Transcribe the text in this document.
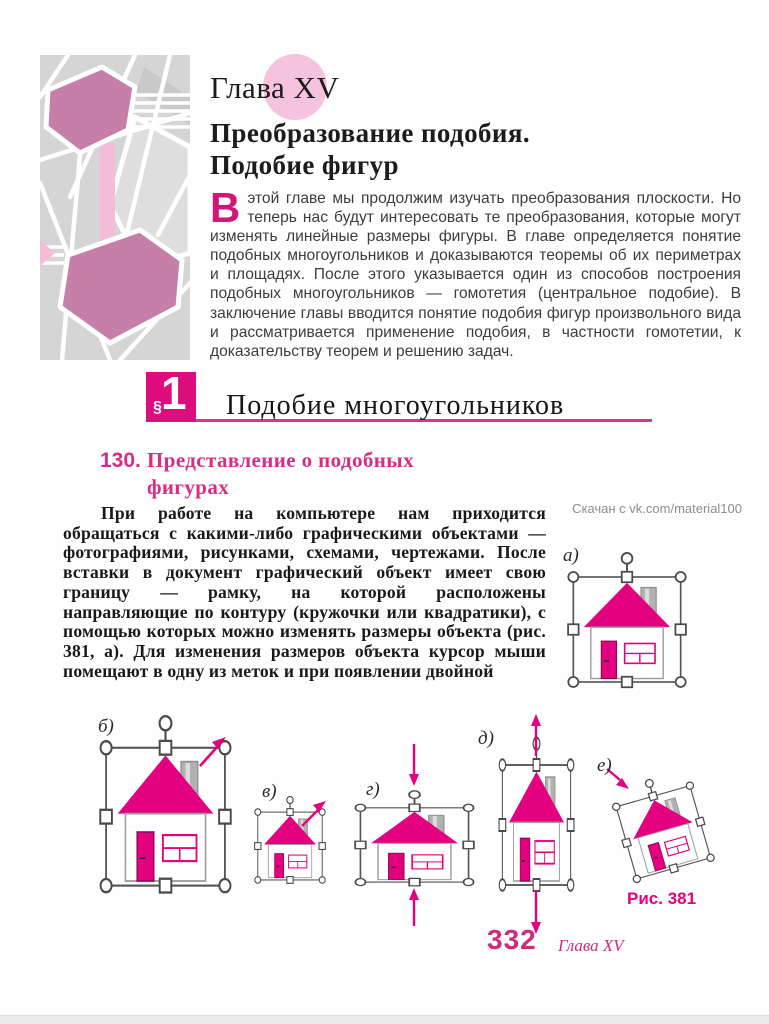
Глава XV
Преобразование подобия.
Подобие фигур
В этой главе мы продолжим изучать преобразования плоскости. Но теперь нас будут интересовать те преобразования, которые могут изменять линейные размеры фигуры. В главе определяется понятие подобных многоугольников и доказываются теоремы об их периметрах и площадях. После этого указывается один из способов построения подобных многоугольников — гомотетия (центральное подобие). В заключение главы вводится понятие подобия фигур произвольного вида и рассматривается применение подобия, в частности гомотетии, к доказательству теорем и решению задач.
§ 1 Подобие многоугольников
130. Представление о подобных фигурах

При работе на компьютере нам приходится обращаться с какими-либо графическими объектами — фотографиями, рисунками, схемами, чертежами. После вставки в документ графический объект имеет свою границу — рамку, на которой расположены направляющие по контуру (кружочки или квадратики), с помощью которых можно изменять размеры объекта (рис. 381, а). Для изменения размеров объекта курсор мыши помещают в одну из меток и при появлении двойной

Скачан с vk.com/material100
а)
б)
в)	г)
д)
е)
Рис. 381
332 Глава XV
